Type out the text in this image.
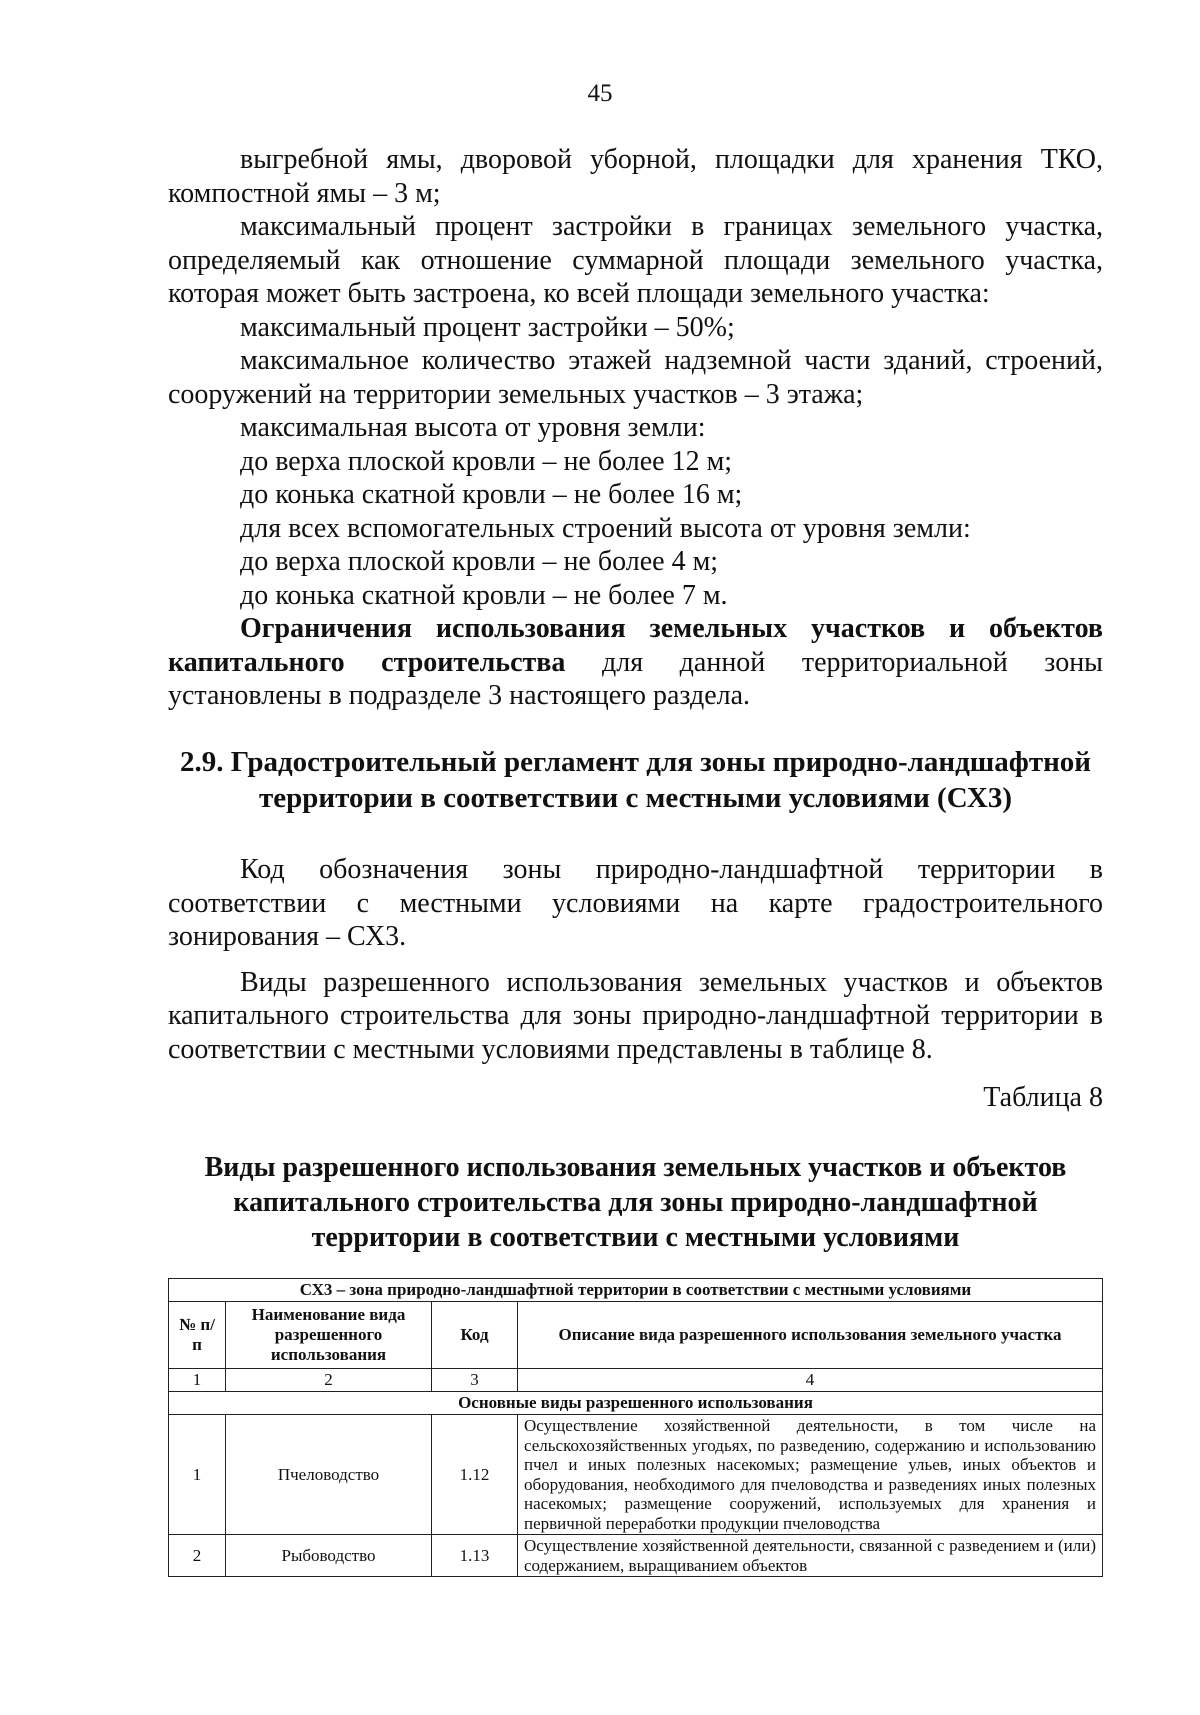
45

выгребной ямы, дворовой уборной, площадки для хранения ТКО, компостной ямы – 3 м;

максимальный процент застройки в границах земельного участка, определяемый как отношение суммарной площади земельного участка, которая может быть застроена, ко всей площади земельного участка:

максимальный процент застройки – 50%;

максимальное количество этажей надземной части зданий, строений, сооружений на территории земельных участков – 3 этажа;

максимальная высота от уровня земли:

до верха плоской кровли – не более 12 м;

до конька скатной кровли – не более 16 м;

для всех вспомогательных строений высота от уровня земли:

до верха плоской кровли – не более 4 м;

до конька скатной кровли – не более 7 м.

Ограничения использования земельных участков и объектов капитального строительства для данной территориальной зоны установлены в подразделе 3 настоящего раздела.

2.9. Градостроительный регламент для зоны природно-ландшафтной территории в соответствии с местными условиями (СХ3)

Код обозначения зоны природно-ландшафтной территории в соответствии с местными условиями на карте градостроительного зонирования – СХ3.

Виды разрешенного использования земельных участков и объектов капитального строительства для зоны природно-ландшафтной территории в соответствии с местными условиями представлены в таблице 8.

Таблица 8
Виды разрешенного использования земельных участков и объектов капитального строительства для зоны природно-ландшафтной территории в соответствии с местными условиями
СХ3 – зона природно-ландшафтной территории в соответствии с местными условиями			
№ п/п	Наименование вида разрешенного использования	Код	Описание вида разрешенного использования земельного участка
1	2	3	4
Основные виды разрешенного использования			
1	Пчеловодство	1.12	Осуществление хозяйственной деятельности, в том числе на сельскохозяйственных угодьях, по разведению, содержанию и использованию пчел и иных полезных насекомых; размещение ульев, иных объектов и оборудования, необходимого для пчеловодства и разведениях иных полезных насекомых; размещение сооружений, используемых для хранения и первичной переработки продукции пчеловодства
2	Рыбоводство	1.13	Осуществление хозяйственной деятельности, связанной с разведением и (или) содержанием, выращиванием объектов
